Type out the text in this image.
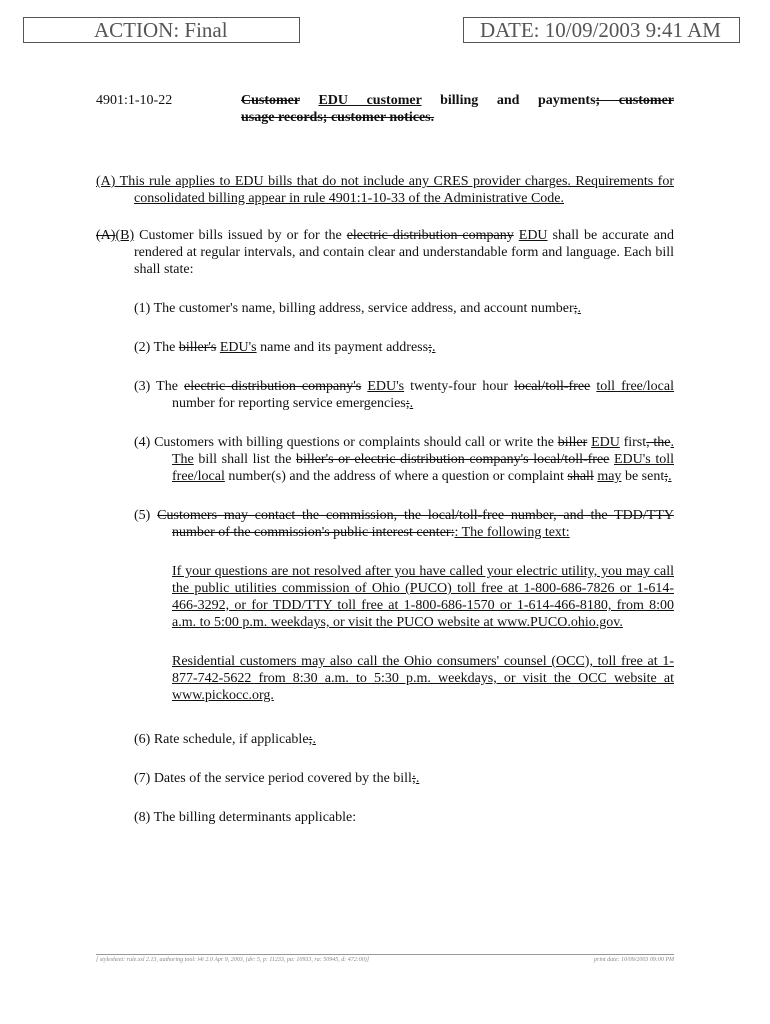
ACTION: Final	DATE: 10/09/2003 9:41 AM
4901:1-10-22	Customer EDU customer billing and payments; customer
usage records; customer notices.

(A) This rule applies to EDU bills that do not include any CRES provider charges. Requirements for consolidated billing appear in rule 4901:1-10-33 of the Administrative Code.

(A)(B) Customer bills issued by or for the electric distribution company EDU shall be accurate and rendered at regular intervals, and contain clear and understandable form and language. Each bill shall state:

(1) The customer's name, billing address, service address, and account number;.

(2) The biller's EDU's name and its payment address;.

(3) The electric distribution company's EDU's twenty-four hour local/toll-free toll free/local number for reporting service emergencies;.

(4) Customers with billing questions or complaints should call or write the biller EDU first, the. The bill shall list the biller's or electric distribution company's local/toll-free EDU's toll free/local number(s) and the address of where a question or complaint shall may be sent;.

(5) Customers may contact the commission, the local/toll-free number, and the TDD/TTY number of the commission's public interest center:: The following text:

If your questions are not resolved after you have called your electric utility, you may call the public utilities commission of Ohio (PUCO) toll free at 1-800-686-7826 or 1-614-466-3292, or for TDD/TTY toll free at 1-800-686-1570 or 1-614-466-8180, from 8:00 a.m. to 5:00 p.m. weekdays, or visit the PUCO website at www.PUCO.ohio.gov.

Residential customers may also call the Ohio consumers' counsel (OCC), toll free at 1-877-742-5622 from 8:30 a.m. to 5:30 p.m. weekdays, or visit the OCC website at www.pickocc.org.

(6) Rate schedule, if applicable;.

(7) Dates of the service period covered by the bill;.

(8) The billing determinants applicable:

[ stylesheet: rule.xsl 2.13, authoring tool: i4i 2.0 Apr 9, 2003, (dv: 5, p: 11233, pa: 10933, ra: 50945, d: 472:00)]	print date: 10/09/2003 09:00 PM
